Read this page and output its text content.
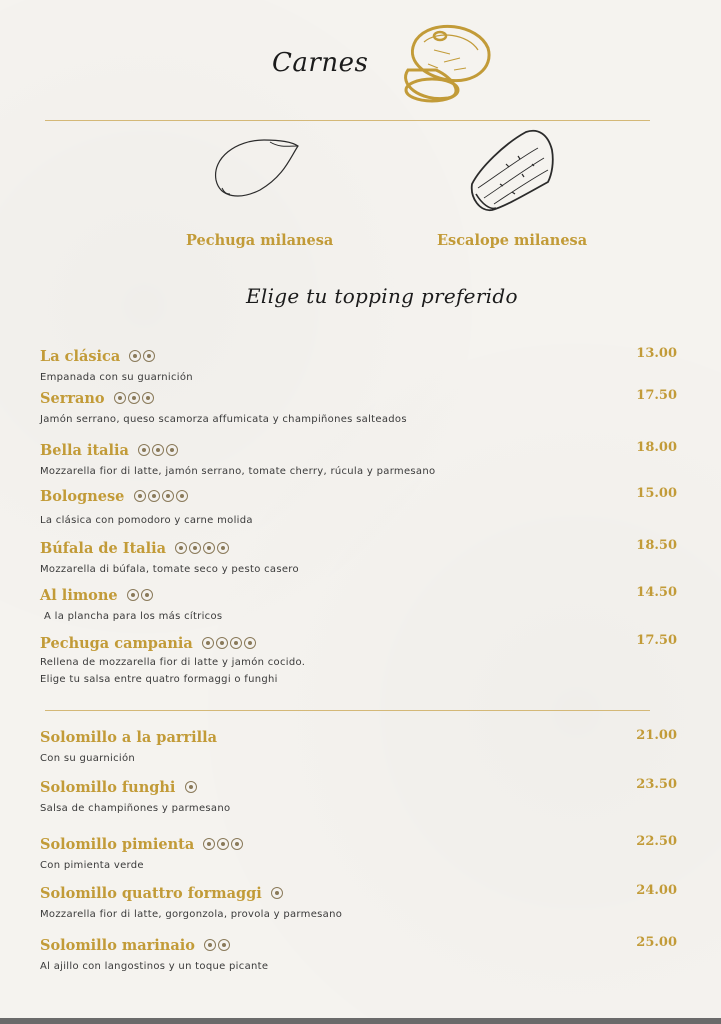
Carnes
Pechuga milanesa	Escalope milanesa
Elige tu topping preferido
La clásica
Empanada con su guarnición
13.00
Serrano
Jamón serrano, queso scamorza affumicata y champiñones salteados
17.50
Bella italia
Mozzarella fior di latte, jamón serrano, tomate cherry, rúcula y parmesano
18.00
Bolognese
La clásica con pomodoro y carne molida
15.00
Búfala de Italia
Mozzarella di búfala, tomate seco y pesto casero
18.50
Al limone
A la plancha para los más cítricos
14.50
Pechuga campania
Rellena de mozzarella fior di latte y jamón cocido.
Elige tu salsa entre quatro formaggi o funghi
17.50
Solomillo a la parrilla
Con su guarnición
21.00
Solomillo funghi
Salsa de champiñones y parmesano
23.50
Solomillo pimienta
Con pimienta verde
22.50
Solomillo quattro formaggi
Mozzarella fior di latte, gorgonzola, provola y parmesano
24.00
Solomillo marinaio
Al ajillo con langostinos y un toque picante
25.00
